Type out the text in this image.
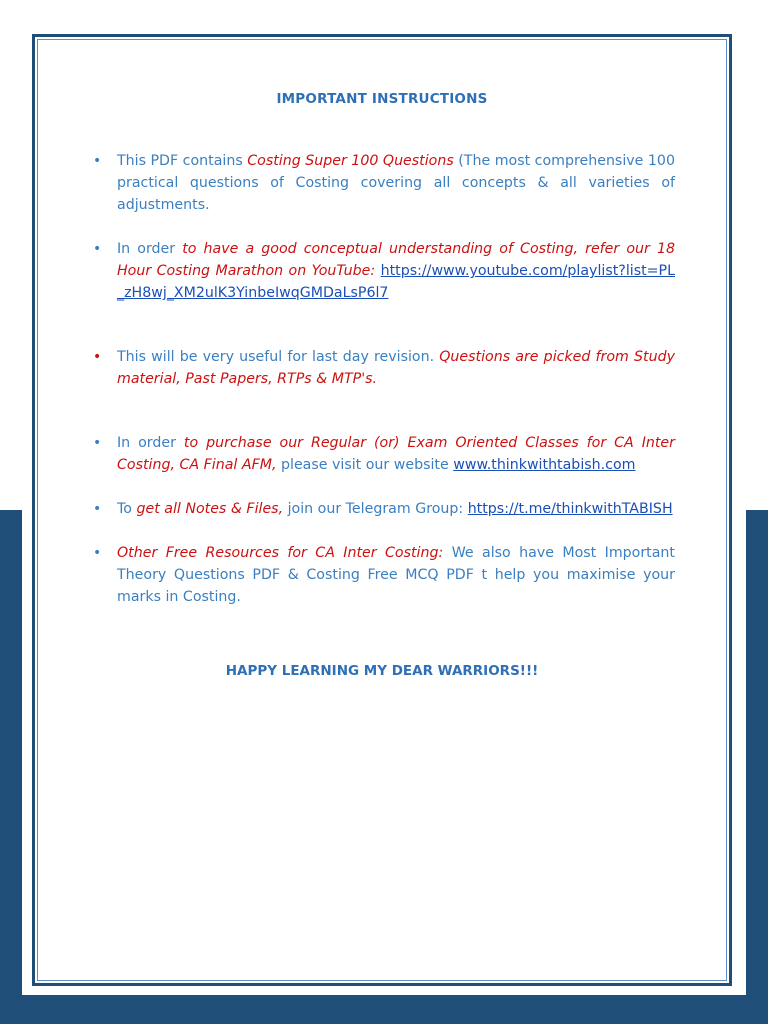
IMPORTANT INSTRUCTIONS
• This PDF contains Costing Super 100 Questions (The most comprehensive 100 practical questions of Costing covering all concepts & all varieties of adjustments.
• In order to have a good conceptual understanding of Costing, refer our 18 Hour Costing Marathon on YouTube: https://www.youtube.com/playlist?list=PL_zH8wj_XM2ulK3YinbeIwqGMDaLsP6l7
• This will be very useful for last day revision. Questions are picked from Study material, Past Papers, RTPs & MTP's.
• In order to purchase our Regular (or) Exam Oriented Classes for CA Inter Costing, CA Final AFM, please visit our website www.thinkwithtabish.com
• To get all Notes & Files, join our Telegram Group: https://t.me/thinkwithTABISH
• Other Free Resources for CA Inter Costing: We also have Most Important Theory Questions PDF & Costing Free MCQ PDF t help you maximise your marks in Costing.
HAPPY LEARNING MY DEAR WARRIORS!!!
